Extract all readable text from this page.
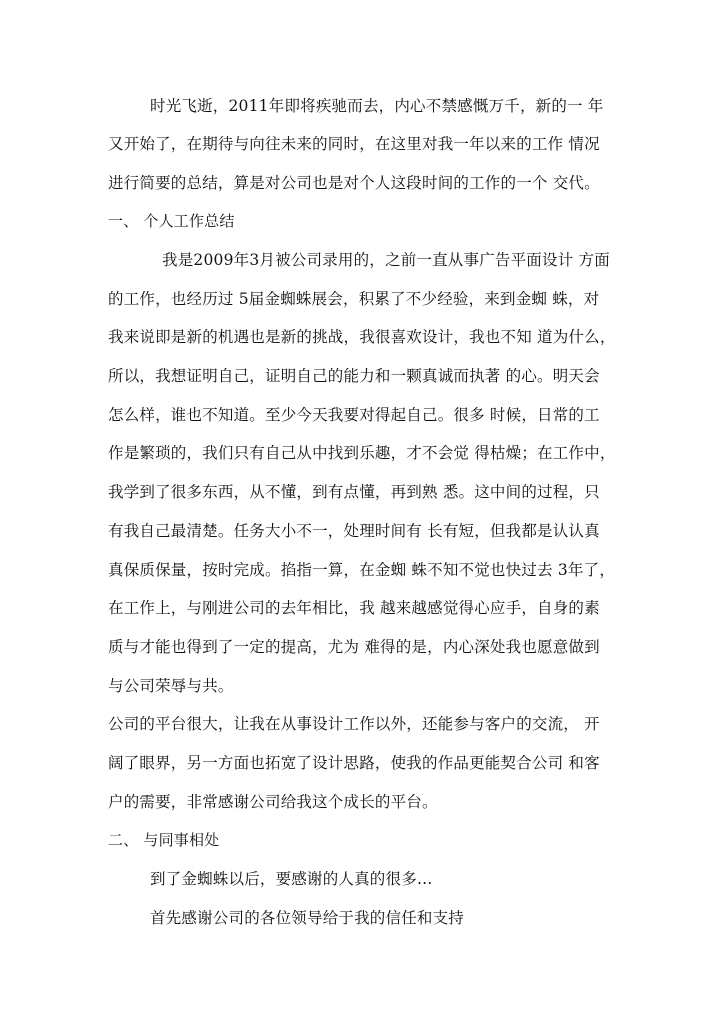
时光飞逝，2011年即将疾驰而去，内心不禁感慨万千，新的一 年
又开始了，在期待与向往未来的同时，在这里对我一年以来的工作 情况
进行简要的总结，算是对公司也是对个人这段时间的工作的一个 交代。
一、 个人工作总结
我是2009年3月被公司录用的，之前一直从事广告平面设计 方面
的工作，也经历过 5届金蜘蛛展会，积累了不少经验，来到金蜘 蛛，对
我来说即是新的机遇也是新的挑战，我很喜欢设计，我也不知 道为什么，
所以，我想证明自己，证明自己的能力和一颗真诚而执著 的心。明天会
怎么样，谁也不知道。至少今天我要对得起自己。很多 时候，日常的工
作是繁琐的，我们只有自己从中找到乐趣，才不会觉 得枯燥；在工作中，
我学到了很多东西，从不懂，到有点懂，再到熟 悉。这中间的过程，只
有我自己最清楚。任务大小不一，处理时间有 长有短，但我都是认认真
真保质保量，按时完成。掐指一算，在金蜘 蛛不知不觉也快过去 3年了，
在工作上，与刚进公司的去年相比，我 越来越感觉得心应手，自身的素
质与才能也得到了一定的提高，尤为 难得的是，内心深处我也愿意做到
与公司荣辱与共。
公司的平台很大，让我在从事设计工作以外，还能参与客户的交流， 开
阔了眼界，另一方面也拓宽了设计思路，使我的作品更能契合公司 和客
户的需要，非常感谢公司给我这个成长的平台。
二、 与同事相处
到了金蜘蛛以后，要感谢的人真的很多…
首先感谢公司的各位领导给于我的信任和支持
